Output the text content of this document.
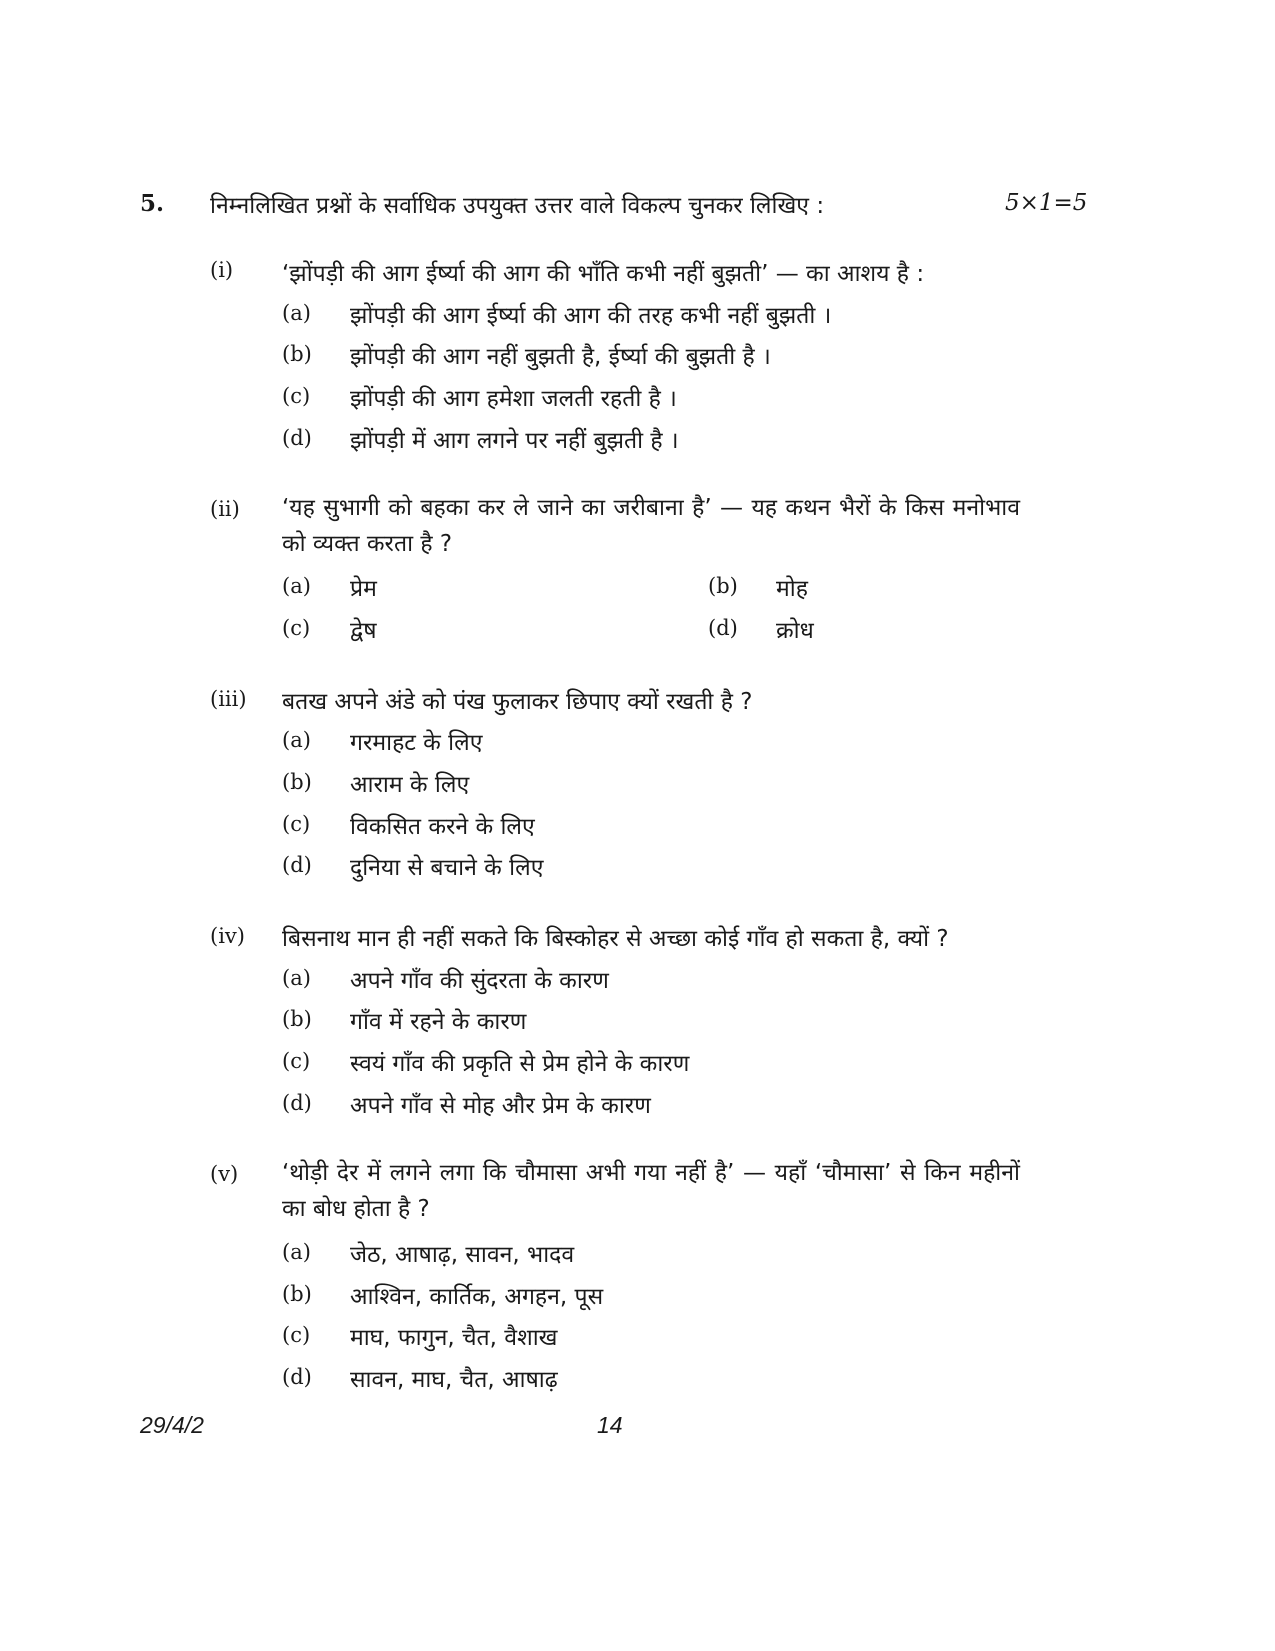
5. निम्नलिखित प्रश्नों के सर्वाधिक उपयुक्त उत्तर वाले विकल्प चुनकर लिखिए :	5×1=5
(i) ‘झोंपड़ी की आग ईर्ष्या की आग की भाँति कभी नहीं बुझती’ — का आशय है :
(a) झोंपड़ी की आग ईर्ष्या की आग की तरह कभी नहीं बुझती ।
(b) झोंपड़ी की आग नहीं बुझती है, ईर्ष्या की बुझती है ।
(c) झोंपड़ी की आग हमेशा जलती रहती है ।
(d) झोंपड़ी में आग लगने पर नहीं बुझती है ।
(ii) ‘यह सुभागी को बहका कर ले जाने का जरीबाना है’ — यह कथन भैरों के किस मनोभाव को व्यक्त करता है ?
(a) प्रेम	(b) मोह
(c) द्वेष	(d) क्रोध
(iii) बतख अपने अंडे को पंख फुलाकर छिपाए क्यों रखती है ?
(a) गरमाहट के लिए
(b) आराम के लिए
(c) विकसित करने के लिए
(d) दुनिया से बचाने के लिए
(iv) बिसनाथ मान ही नहीं सकते कि बिस्कोहर से अच्छा कोई गाँव हो सकता है, क्यों ?
(a) अपने गाँव की सुंदरता के कारण
(b) गाँव में रहने के कारण
(c) स्वयं गाँव की प्रकृति से प्रेम होने के कारण
(d) अपने गाँव से मोह और प्रेम के कारण
(v) ‘थोड़ी देर में लगने लगा कि चौमासा अभी गया नहीं है’ — यहाँ ‘चौमासा’ से किन महीनों का बोध होता है ?
(a) जेठ, आषाढ़, सावन, भादव
(b) आश्विन, कार्तिक, अगहन, पूस
(c) माघ, फागुन, चैत, वैशाख
(d) सावन, माघ, चैत, आषाढ़
29/4/2	14
